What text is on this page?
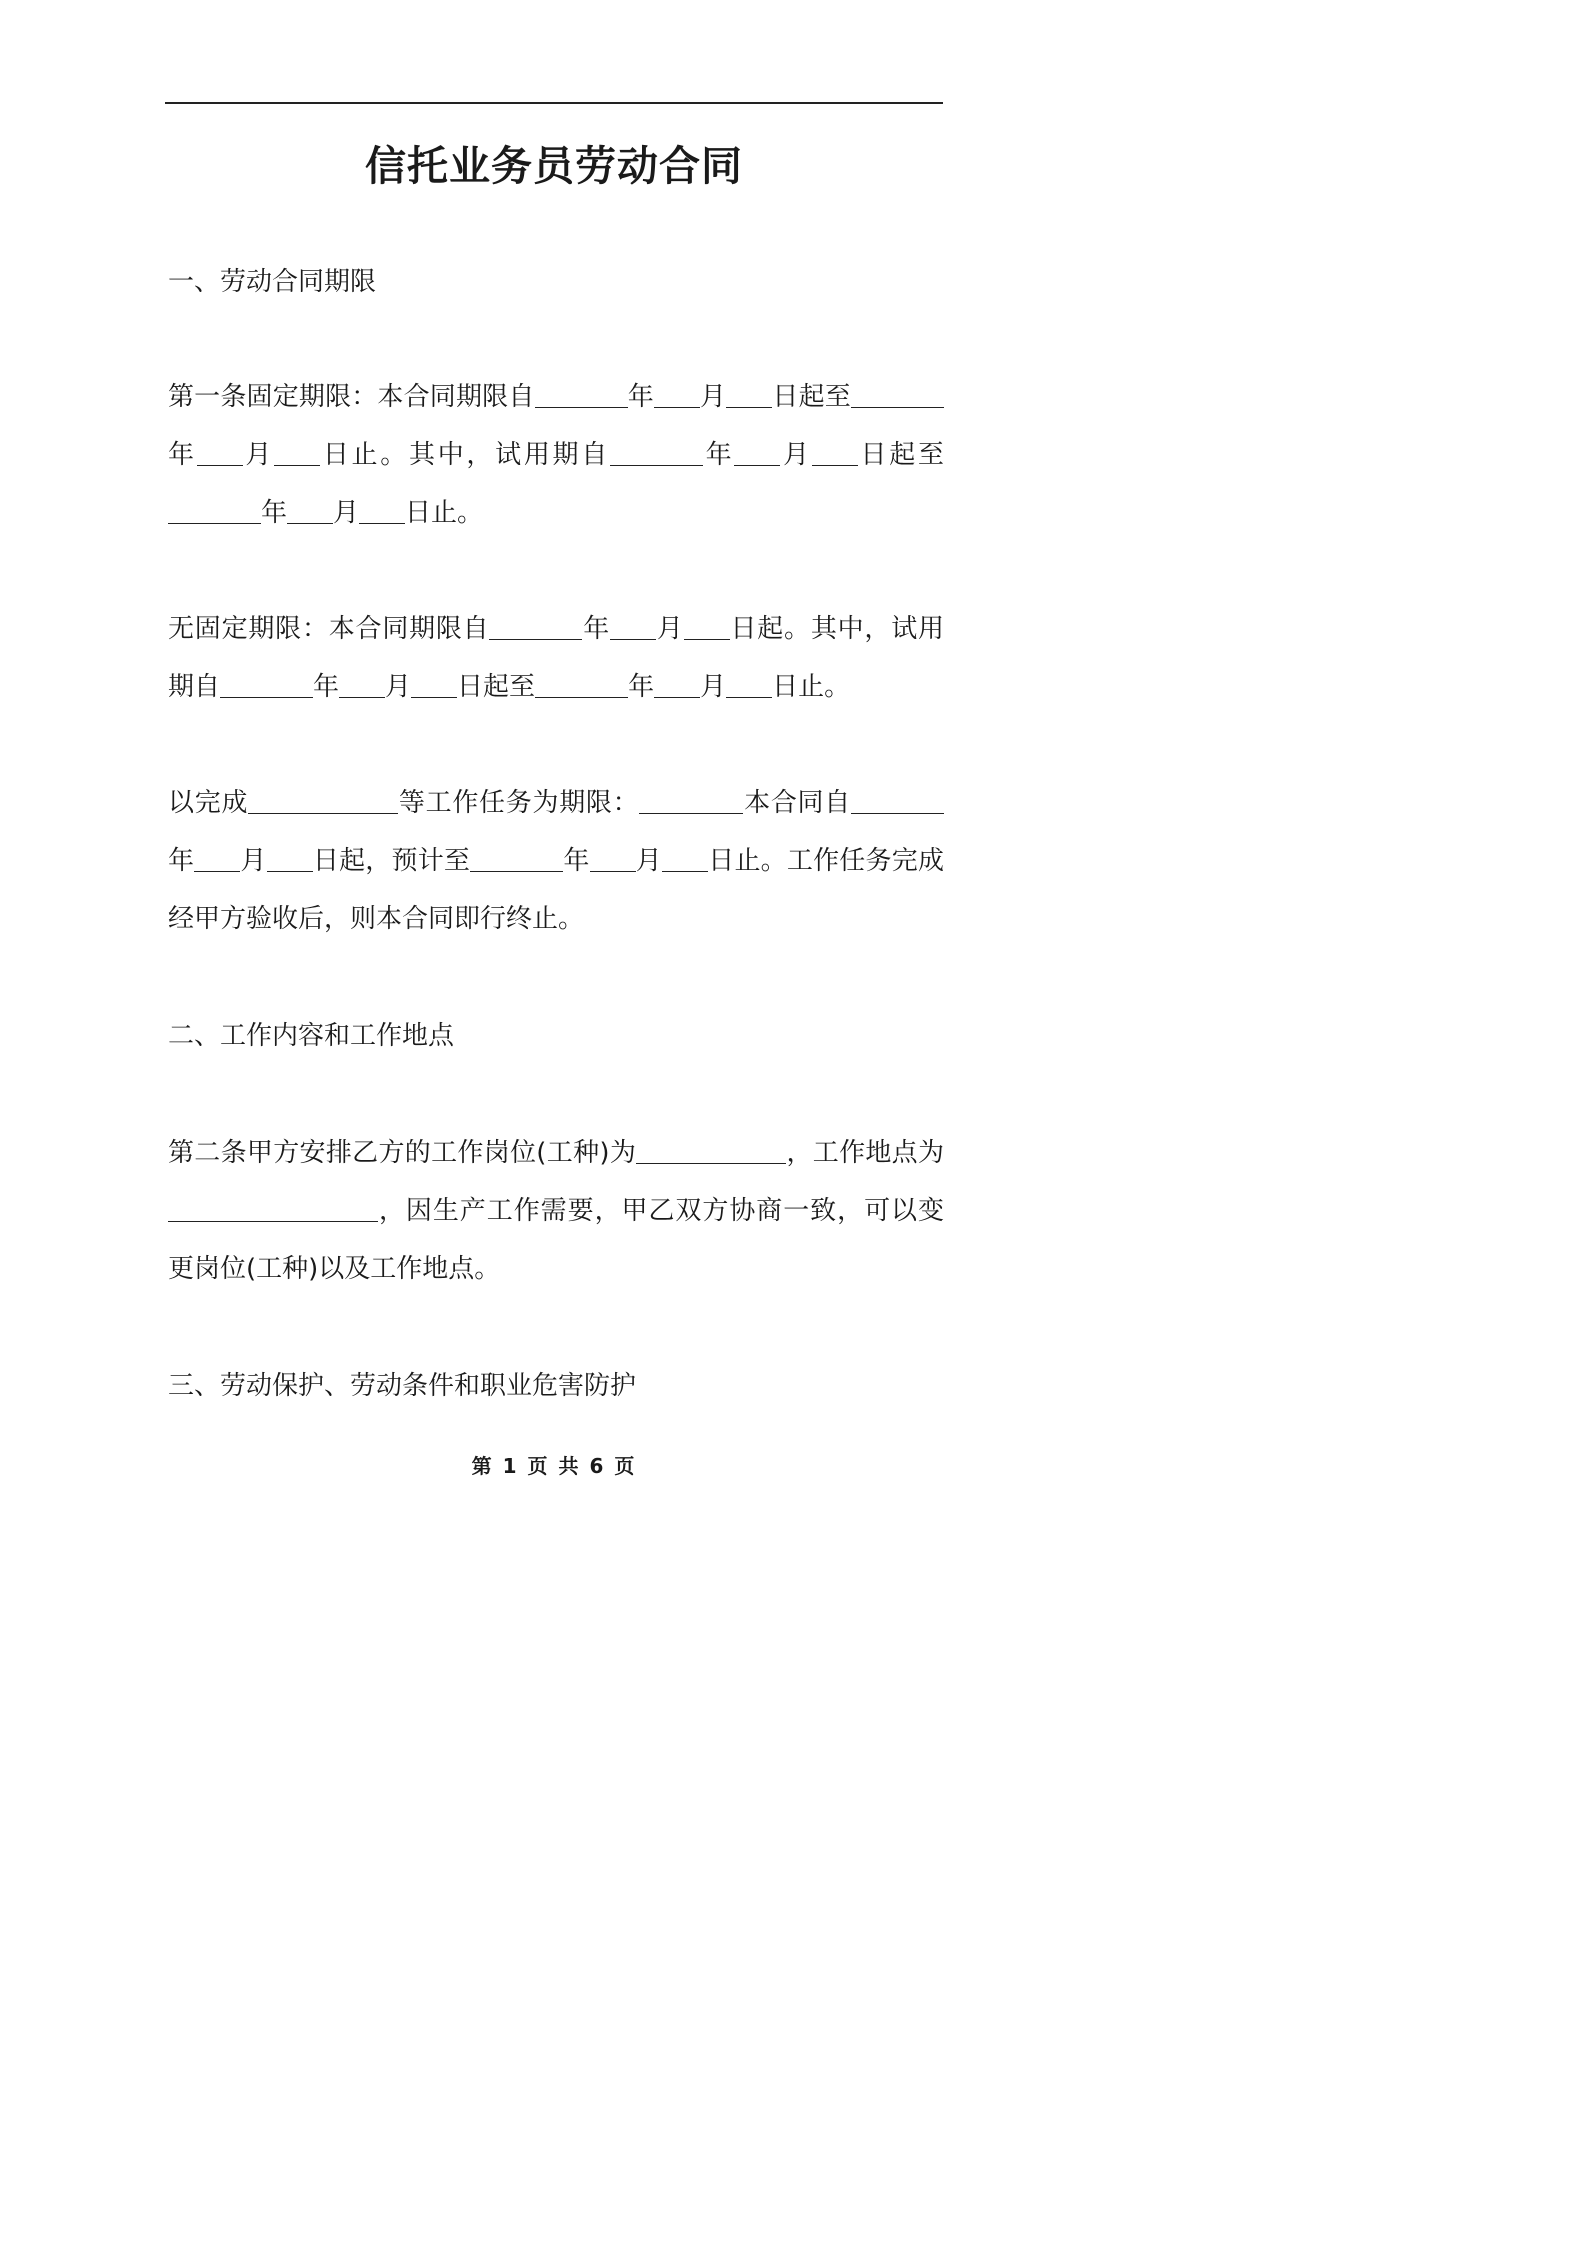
信托业务员劳动合同
一、劳动合同期限

第一条固定期限：本合同期限自	年 月 日起至年 月 日止。其中，试用期自	年 月 日起至年 月 日止。

无固定期限：本合同期限自	年 月 日起。其中，试用期自	年 月 日起至	年 月 日止。

以完成	等工作任务为期限：	本合同自年 月 日起，预计至	年 月 日止。工作任务完成经甲方验收后，则本合同即行终止。

二、工作内容和工作地点

第二条甲方安排乙方的工作岗位(工种)为	，工作地点为，因生产工作需要，甲乙双方协商一致，可以变更岗位(工种)以及工作地点。

三、劳动保护、劳动条件和职业危害防护
第 1 页 共 6 页
